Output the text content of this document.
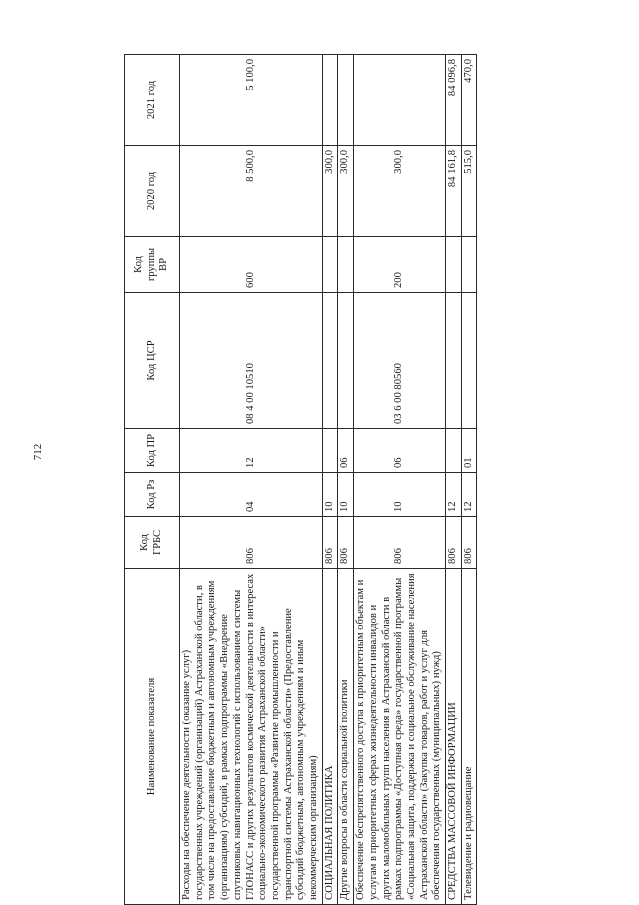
712
Наименование показателя	Код ГРБС	Код Рз	Код ПР	Код ЦСР	Код группы ВР	2020 год	2021 год
Расходы на обеспечение деятельности (оказание услуг) государственных учреждений (организаций) Астраханской области, в том числе на предоставление бюджетным и автономным учреждениям (организациям) субсидий, в рамках подпрограммы «Внедрение спутниковых навигационных технологий с использованием системы ГЛОНАСС и других результатов космической деятельности в интересах социально-экономического развития Астраханской области» государственной программы «Развитие промышленности и транспортной системы Астраханской области» (Предоставление субсидий бюджетным, автономным учреждениям и иным некоммерческим организациям)	806	04	12	08 4 00 10510	600	8 500,0	5 100,0
СОЦИАЛЬНАЯ ПОЛИТИКА	806	10				300,0	
Другие вопросы в области социальной политики	806	10	06			300,0	
Обеспечение беспрепятственного доступа к приоритетным объектам и услугам в приоритетных сферах жизнедеятельности инвалидов и других маломобильных групп населения в Астраханской области в рамках подпрограммы «Доступная среда» государственной программы «Социальная защита, поддержка и социальное обслуживание населения Астраханской области» (Закупка товаров, работ и услуг для обеспечения государственных (муниципальных) нужд)	806	10	06	03 6 00 80560	200	300,0	
СРЕДСТВА МАССОВОЙ ИНФОРМАЦИИ	806	12				84 161,8	84 096,8
Телевидение и радиовещание	806	12	01			515,0	470,0
